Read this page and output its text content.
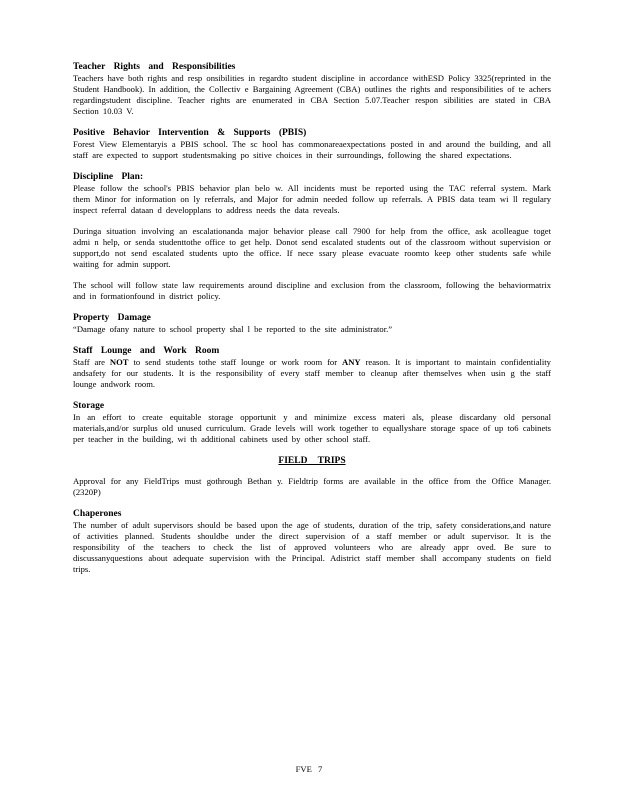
Teacher Rights and Responsibilities

Teachers have both rights and resp onsibilities in regardto student discipline in accordance withESD Policy 3325(reprinted in the Student Handbook). In addition, the Collectiv e Bargaining Agreement (CBA) outlines the rights and responsibilities of te achers regardingstudent discipline. Teacher rights are enumerated in CBA Section 5.07.Teacher respon sibilities are stated in CBA Section 10.03 V.

Positive Behavior Intervention & Supports (PBIS)

Forest View Elementaryis a PBIS school. The sc hool has commonareaexpectations posted in and around the building, and all staff are expected to support studentsmaking po sitive choices in their surroundings, following the shared expectations.

Discipline Plan:

Please follow the school's PBIS behavior plan belo w. All incidents must be reported using the TAC referral system. Mark them Minor for information on ly referrals, and Major for admin needed follow up referrals. A PBIS data team wi ll regulary inspect referral dataan d developplans to address needs the data reveals.

Duringa situation involving an escalationanda major behavior please call 7900 for help from the office, ask acolleague toget admi n help, or senda studenttothe office to get help. Donot send escalated students out of the classroom without supervision or support,do not send escalated students upto the office. If nece ssary please evacuate roomto keep other students safe while waiting for admin support.

The school will follow state law requirements around discipline and exclusion from the classroom, following the behaviormatrix and in formationfound in district policy.

Property Damage

“Damage ofany nature to school property shal l be reported to the site administrator.”

Staff Lounge and Work Room

Staff are NOT to send students tothe staff lounge or work room for ANY reason. It is important to maintain confidentiality andsafety for our students. It is the responsibility of every staff member to cleanup after themselves when usin g the staff lounge andwork room.

Storage

In an effort to create equitable storage opportunit y and minimize excess materi als, please discardany old personal materials,and/or surplus old unused curriculum. Grade levels will work together to equallyshare storage space of up to6 cabinets per teacher in the building, wi th additional cabinets used by other school staff.

FIELD TRIPS

Approval for any FieldTrips must gothrough Bethan y. Fieldtrip forms are available in the office from the Office Manager. (2320P)

Chaperones

The number of adult supervisors should be based upon the age of students, duration of the trip, safety considerations,and nature of activities planned. Students shouldbe under the direct supervision of a staff member or adult supervisor. It is the responsibility of the teachers to check the list of approved volunteers who are already appr oved. Be sure to discussanyquestions about adequate supervision with the Principal. Adistrict staff member shall accompany students on field trips.

FVE 7
